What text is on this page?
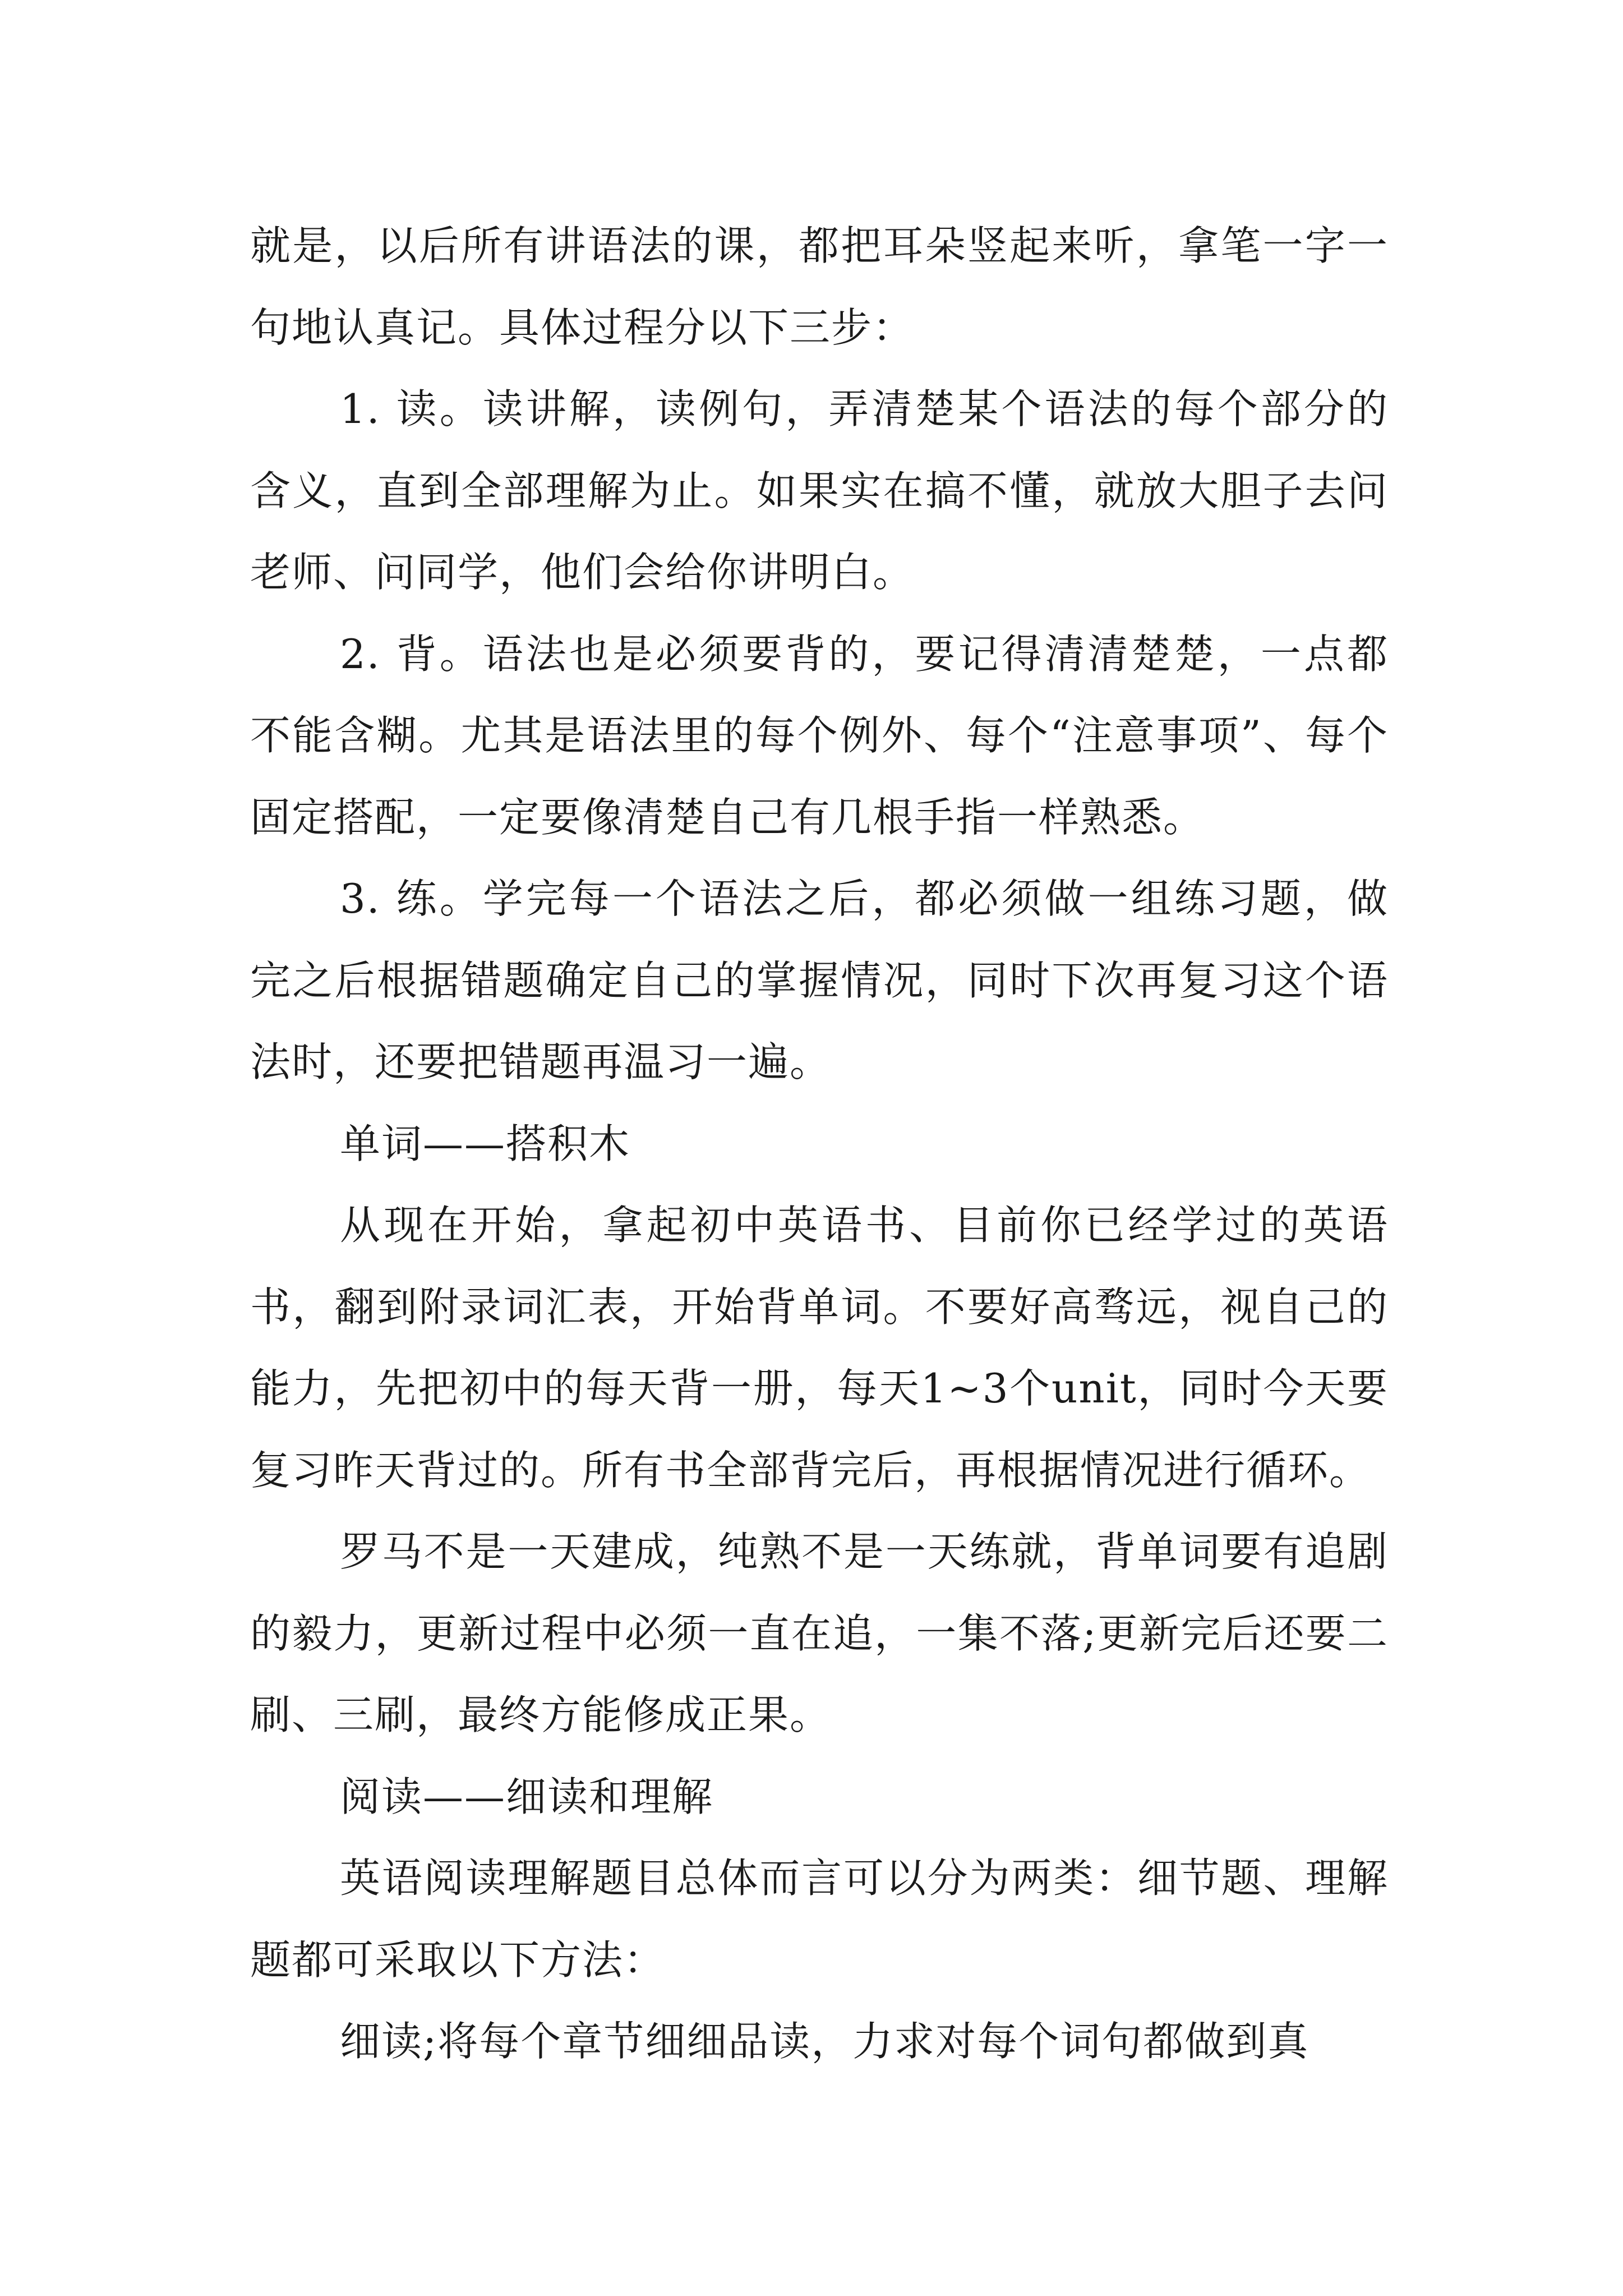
就是，以后所有讲语法的课，都把耳朵竖起来听，拿笔一字一句地认真记。具体过程分以下三步：

1. 读。读讲解，读例句，弄清楚某个语法的每个部分的含义，直到全部理解为止。如果实在搞不懂，就放大胆子去问老师、问同学，他们会给你讲明白。

2. 背。语法也是必须要背的，要记得清清楚楚，一点都不能含糊。尤其是语法里的每个例外、每个“注意事项”、每个固定搭配，一定要像清楚自己有几根手指一样熟悉。

3. 练。学完每一个语法之后，都必须做一组练习题，做完之后根据错题确定自己的掌握情况，同时下次再复习这个语法时，还要把错题再温习一遍。

单词——搭积木

从现在开始，拿起初中英语书、目前你已经学过的英语书，翻到附录词汇表，开始背单词。不要好高骛远，视自己的能力，先把初中的每天背一册，每天1~3个unit，同时今天要复习昨天背过的。所有书全部背完后，再根据情况进行循环。

罗马不是一天建成，纯熟不是一天练就，背单词要有追剧的毅力，更新过程中必须一直在追，一集不落;更新完后还要二刷、三刷，最终方能修成正果。

阅读——细读和理解

英语阅读理解题目总体而言可以分为两类：细节题、理解题都可采取以下方法：

细读;将每个章节细细品读，力求对每个词句都做到真
